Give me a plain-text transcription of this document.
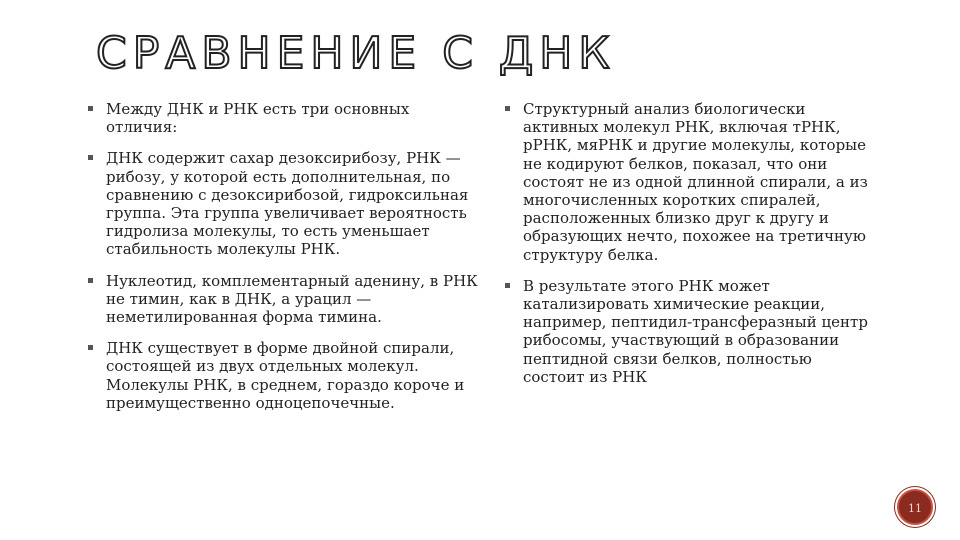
СРАВНЕНИЕ С ДНК
Между ДНК и РНК есть три основных отличия:
ДНК содержит сахар дезоксирибозу, РНК — рибозу, у которой есть дополнительная, по сравнению с дезоксирибозой, гидроксильная группа. Эта группа увеличивает вероятность гидролиза молекулы, то есть уменьшает стабильность молекулы РНК.
Нуклеотид, комплементарный аденину, в РНК не тимин, как в ДНК, а урацил — неметилированная форма тимина.
ДНК существует в форме двойной спирали, состоящей из двух отдельных молекул. Молекулы РНК, в среднем, гораздо короче и преимущественно одноцепочечные.
Структурный анализ биологически активных молекул РНК, включая тРНК, рРНК, мяРНК и другие молекулы, которые не кодируют белков, показал, что они состоят не из одной длинной спирали, а из многочисленных коротких спиралей, расположенных близко друг к другу и образующих нечто, похожее на третичную структуру белка.
В результате этого РНК может катализировать химические реакции, например, пептидил-трансферазный центр рибосомы, участвующий в образовании пептидной связи белков, полностью состоит из РНК
11
